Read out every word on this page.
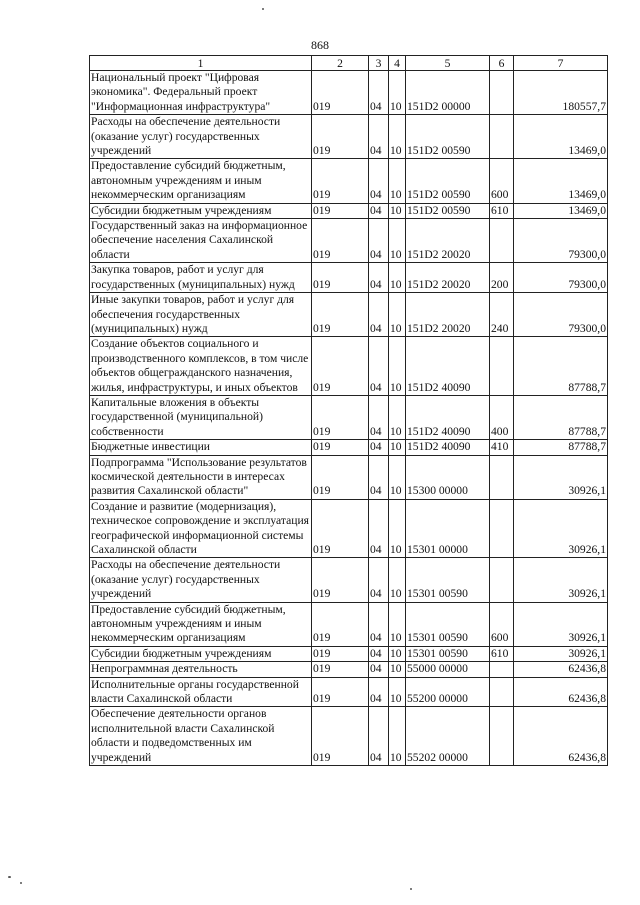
868
1	2	3	4	5	6	7
Национальный проект "Цифровая экономика". Федеральный проект "Информационная инфраструктура"	019	04	10	151D2 00000		180557,7
Расходы на обеспечение деятельности (оказание услуг) государственных учреждений	019	04	10	151D2 00590		13469,0
Предоставление субсидий бюджетным, автономным учреждениям и иным некоммерческим организациям	019	04	10	151D2 00590	600	13469,0
Субсидии бюджетным учреждениям	019	04	10	151D2 00590	610	13469,0
Государственный заказ на информационное обеспечение населения Сахалинской области	019	04	10	151D2 20020		79300,0
Закупка товаров, работ и услуг для государственных (муниципальных) нужд	019	04	10	151D2 20020	200	79300,0
Иные закупки товаров, работ и услуг для обеспечения государственных (муниципальных) нужд	019	04	10	151D2 20020	240	79300,0
Создание объектов социального и производственного комплексов, в том числе объектов общегражданского назначения, жилья, инфраструктуры, и иных объектов	019	04	10	151D2 40090		87788,7
Капитальные вложения в объекты государственной (муниципальной) собственности	019	04	10	151D2 40090	400	87788,7
Бюджетные инвестиции	019	04	10	151D2 40090	410	87788,7
Подпрограмма "Использование результатов космической деятельности в интересах развития Сахалинской области"	019	04	10	15300 00000		30926,1
Создание и развитие (модернизация), техническое сопровождение и эксплуатация географической информационной системы Сахалинской области	019	04	10	15301 00000		30926,1
Расходы на обеспечение деятельности (оказание услуг) государственных учреждений	019	04	10	15301 00590		30926,1
Предоставление субсидий бюджетным, автономным учреждениям и иным некоммерческим организациям	019	04	10	15301 00590	600	30926,1
Субсидии бюджетным учреждениям	019	04	10	15301 00590	610	30926,1
Непрограммная деятельность	019	04	10	55000 00000		62436,8
Исполнительные органы государственной власти Сахалинской области	019	04	10	55200 00000		62436,8
Обеспечение деятельности органов исполнительной власти Сахалинской области и подведомственных им учреждений	019	04	10	55202 00000		62436,8
